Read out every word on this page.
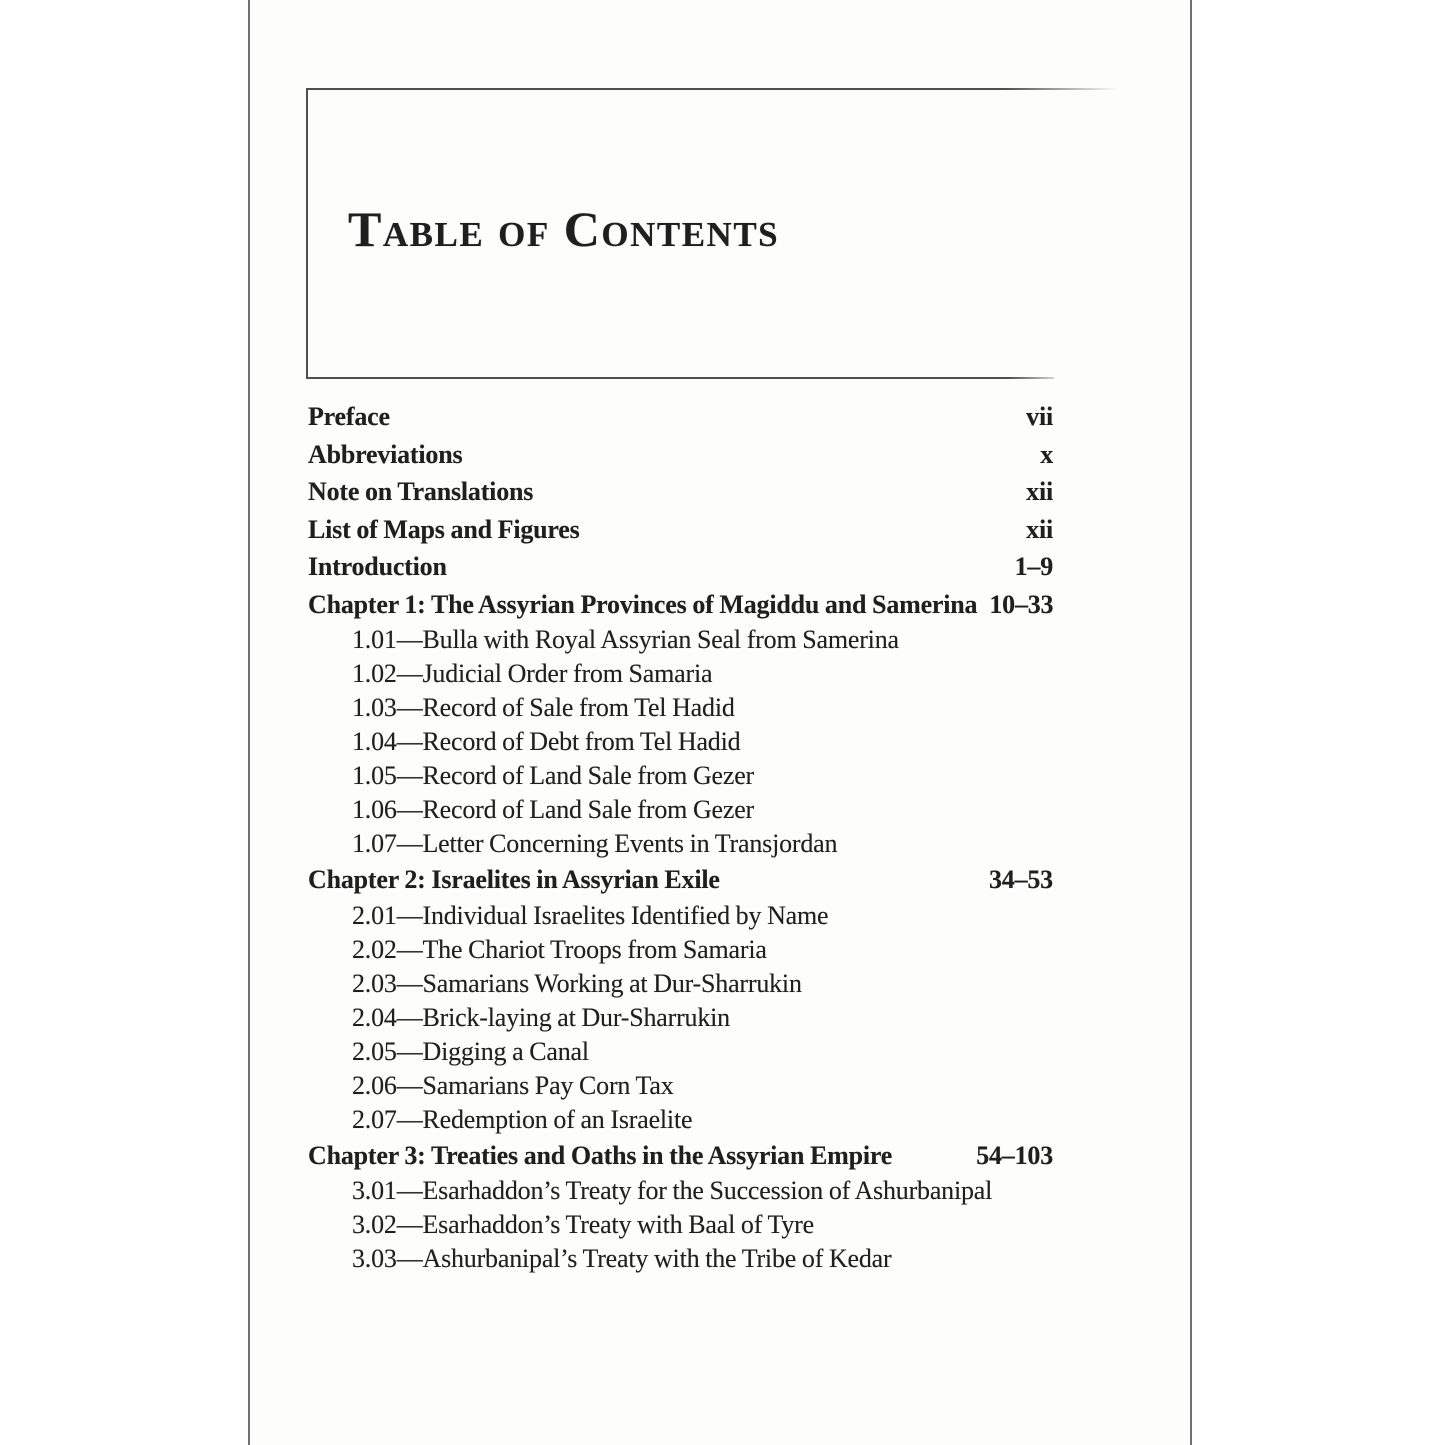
Table of Contents
Preface	vii
Abbreviations	x
Note on Translations	xii
List of Maps and Figures	xii
Introduction	1–9
Chapter 1: The Assyrian Provinces of Magiddu and Samerina 10–33
1.01—Bulla with Royal Assyrian Seal from Samerina
1.02—Judicial Order from Samaria
1.03—Record of Sale from Tel Hadid
1.04—Record of Debt from Tel Hadid
1.05—Record of Land Sale from Gezer
1.06—Record of Land Sale from Gezer
1.07—Letter Concerning Events in Transjordan
Chapter 2: Israelites in Assyrian Exile	34–53
2.01—Individual Israelites Identified by Name
2.02—The Chariot Troops from Samaria
2.03—Samarians Working at Dur-Sharrukin
2.04—Brick-laying at Dur-Sharrukin
2.05—Digging a Canal
2.06—Samarians Pay Corn Tax
2.07—Redemption of an Israelite
Chapter 3: Treaties and Oaths in the Assyrian Empire	54–103
3.01—Esarhaddon’s Treaty for the Succession of Ashurbanipal
3.02—Esarhaddon’s Treaty with Baal of Tyre
3.03—Ashurbanipal’s Treaty with the Tribe of Kedar
